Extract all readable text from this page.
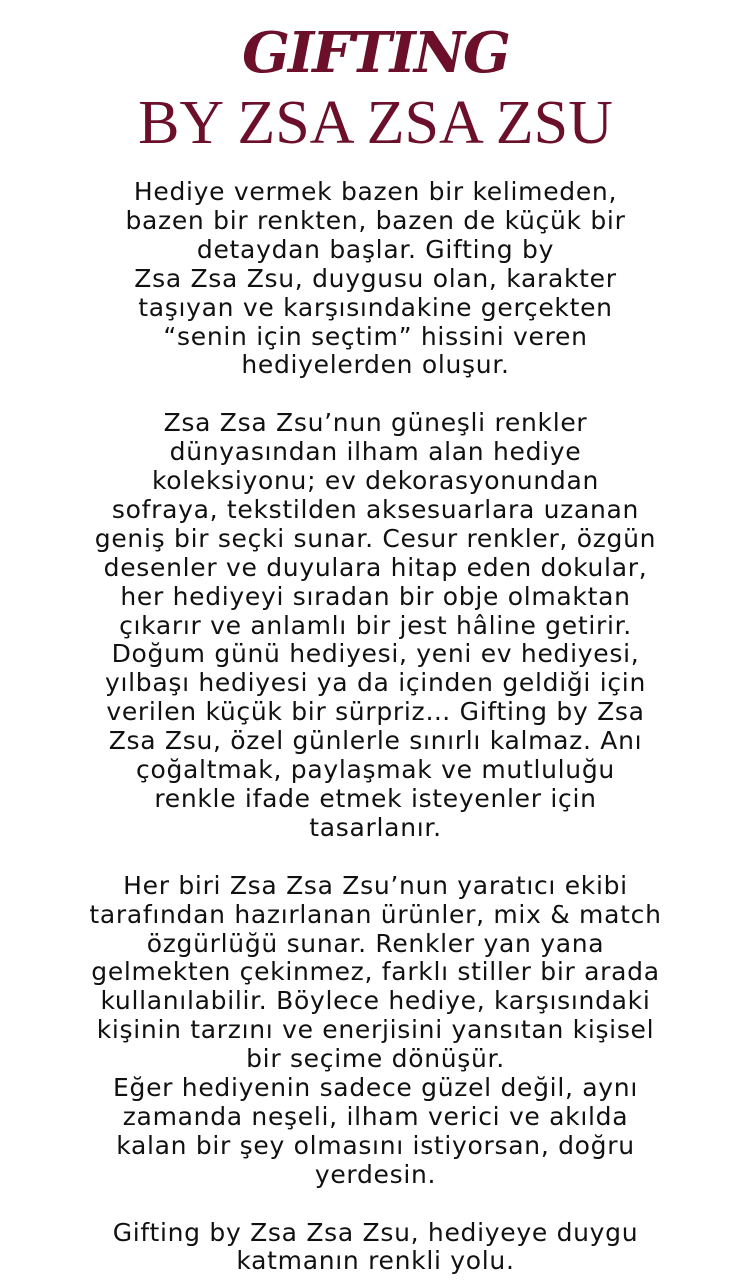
GIFTING
BY ZSA ZSA ZSU
Hediye vermek bazen bir kelimeden,
bazen bir renkten, bazen de küçük bir
detaydan başlar. Gifting by
Zsa Zsa Zsu, duygusu olan, karakter
taşıyan ve karşısındakine gerçekten
“senin için seçtim” hissini veren
hediyelerden oluşur.
Zsa Zsa Zsu’nun güneşli renkler
dünyasından ilham alan hediye
koleksiyonu; ev dekorasyonundan
sofraya, tekstilden aksesuarlara uzanan
geniş bir seçki sunar. Cesur renkler, özgün
desenler ve duyulara hitap eden dokular,
her hediyeyi sıradan bir obje olmaktan
çıkarır ve anlamlı bir jest hâline getirir.
Doğum günü hediyesi, yeni ev hediyesi,
yılbaşı hediyesi ya da içinden geldiği için
verilen küçük bir sürpriz… Gifting by Zsa
Zsa Zsu, özel günlerle sınırlı kalmaz. Anı
çoğaltmak, paylaşmak ve mutluluğu
renkle ifade etmek isteyenler için
tasarlanır.
Her biri Zsa Zsa Zsu’nun yaratıcı ekibi
tarafından hazırlanan ürünler, mix & match
özgürlüğü sunar. Renkler yan yana
gelmekten çekinmez, farklı stiller bir arada
kullanılabilir. Böylece hediye, karşısındaki
kişinin tarzını ve enerjisini yansıtan kişisel
bir seçime dönüşür.
Eğer hediyenin sadece güzel değil, aynı
zamanda neşeli, ilham verici ve akılda
kalan bir şey olmasını istiyorsan, doğru
yerdesin.
Gifting by Zsa Zsa Zsu, hediyeye duygu
katmanın renkli yolu.
